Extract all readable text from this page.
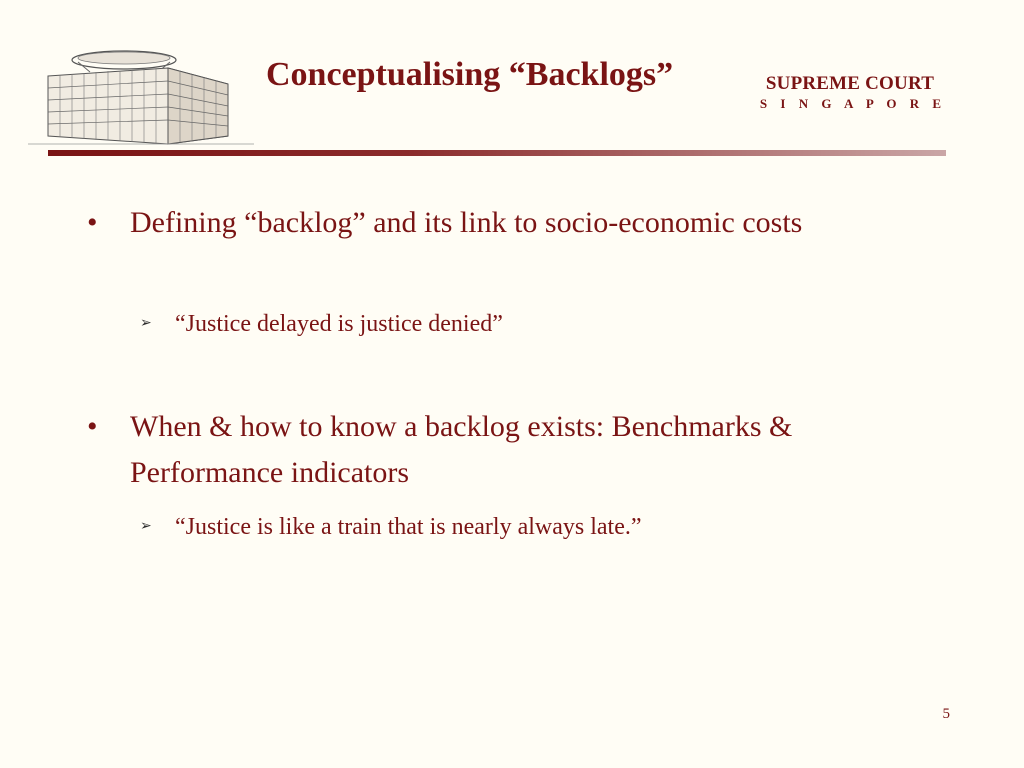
Conceptualising “Backlogs”	SUPREME COURT
S I N G A P O R E
•	Defining “backlog” and its link to socio-economic costs
➢ “Justice delayed is justice denied”
•	When & how to know a backlog exists: Benchmarks & Performance indicators
➢ “Justice is like a train that is nearly always late.”
5
